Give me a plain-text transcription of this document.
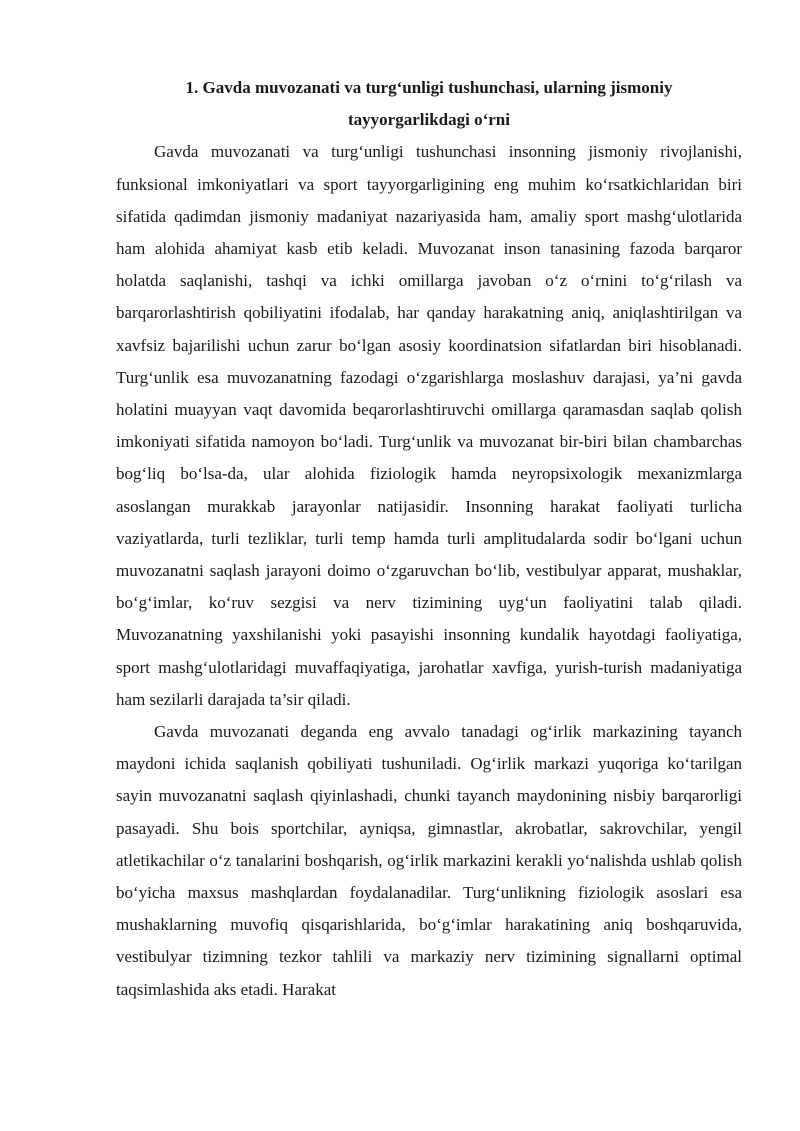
1. Gavda muvozanati va turg‘unligi tushunchasi, ularning jismoniy
tayyorgarlikdagi o‘rni

Gavda muvozanati va turg‘unligi tushunchasi insonning jismoniy rivojlanishi, funksional imkoniyatlari va sport tayyorgarligining eng muhim ko‘rsatkichlaridan biri sifatida qadimdan jismoniy madaniyat nazariyasida ham, amaliy sport mashg‘ulotlarida ham alohida ahamiyat kasb etib keladi. Muvozanat inson tanasining fazoda barqaror holatda saqlanishi, tashqi va ichki omillarga javoban o‘z o‘rnini to‘g‘rilash va barqarorlashtirish qobiliyatini ifodalab, har qanday harakatning aniq, aniqlashtirilgan va xavfsiz bajarilishi uchun zarur bo‘lgan asosiy koordinatsion sifatlardan biri hisoblanadi. Turg‘unlik esa muvozanatning fazodagi o‘zgarishlarga moslashuv darajasi, ya’ni gavda holatini muayyan vaqt davomida beqarorlashtiruvchi omillarga qaramasdan saqlab qolish imkoniyati sifatida namoyon bo‘ladi. Turg‘unlik va muvozanat bir-biri bilan chambarchas bog‘liq bo‘lsa-da, ular alohida fiziologik hamda neyropsixologik mexanizmlarga asoslangan murakkab jarayonlar natijasidir. Insonning harakat faoliyati turlicha vaziyatlarda, turli tezliklar, turli temp hamda turli amplitudalarda sodir bo‘lgani uchun muvozanatni saqlash jarayoni doimo o‘zgaruvchan bo‘lib, vestibulyar apparat, mushaklar, bo‘g‘imlar, ko‘ruv sezgisi va nerv tizimining uyg‘un faoliyatini talab qiladi. Muvozanatning yaxshilanishi yoki pasayishi insonning kundalik hayotdagi faoliyatiga, sport mashg‘ulotlaridagi muvaffaqiyatiga, jarohatlar xavfiga, yurish-turish madaniyatiga ham sezilarli darajada ta’sir qiladi.

Gavda muvozanati deganda eng avvalo tanadagi og‘irlik markazining tayanch maydoni ichida saqlanish qobiliyati tushuniladi. Og‘irlik markazi yuqoriga ko‘tarilgan sayin muvozanatni saqlash qiyinlashadi, chunki tayanch maydonining nisbiy barqarorligi pasayadi. Shu bois sportchilar, ayniqsa, gimnastlar, akrobatlar, sakrovchilar, yengil atletikachilar o‘z tanalarini boshqarish, og‘irlik markazini kerakli yo‘nalishda ushlab qolish bo‘yicha maxsus mashqlardan foydalanadilar. Turg‘unlikning fiziologik asoslari esa mushaklarning muvofiq qisqarishlarida, bo‘g‘imlar harakatining aniq boshqaruvida, vestibulyar tizimning tezkor tahlili va markaziy nerv tizimining signallarni optimal taqsimlashida aks etadi. Harakat
